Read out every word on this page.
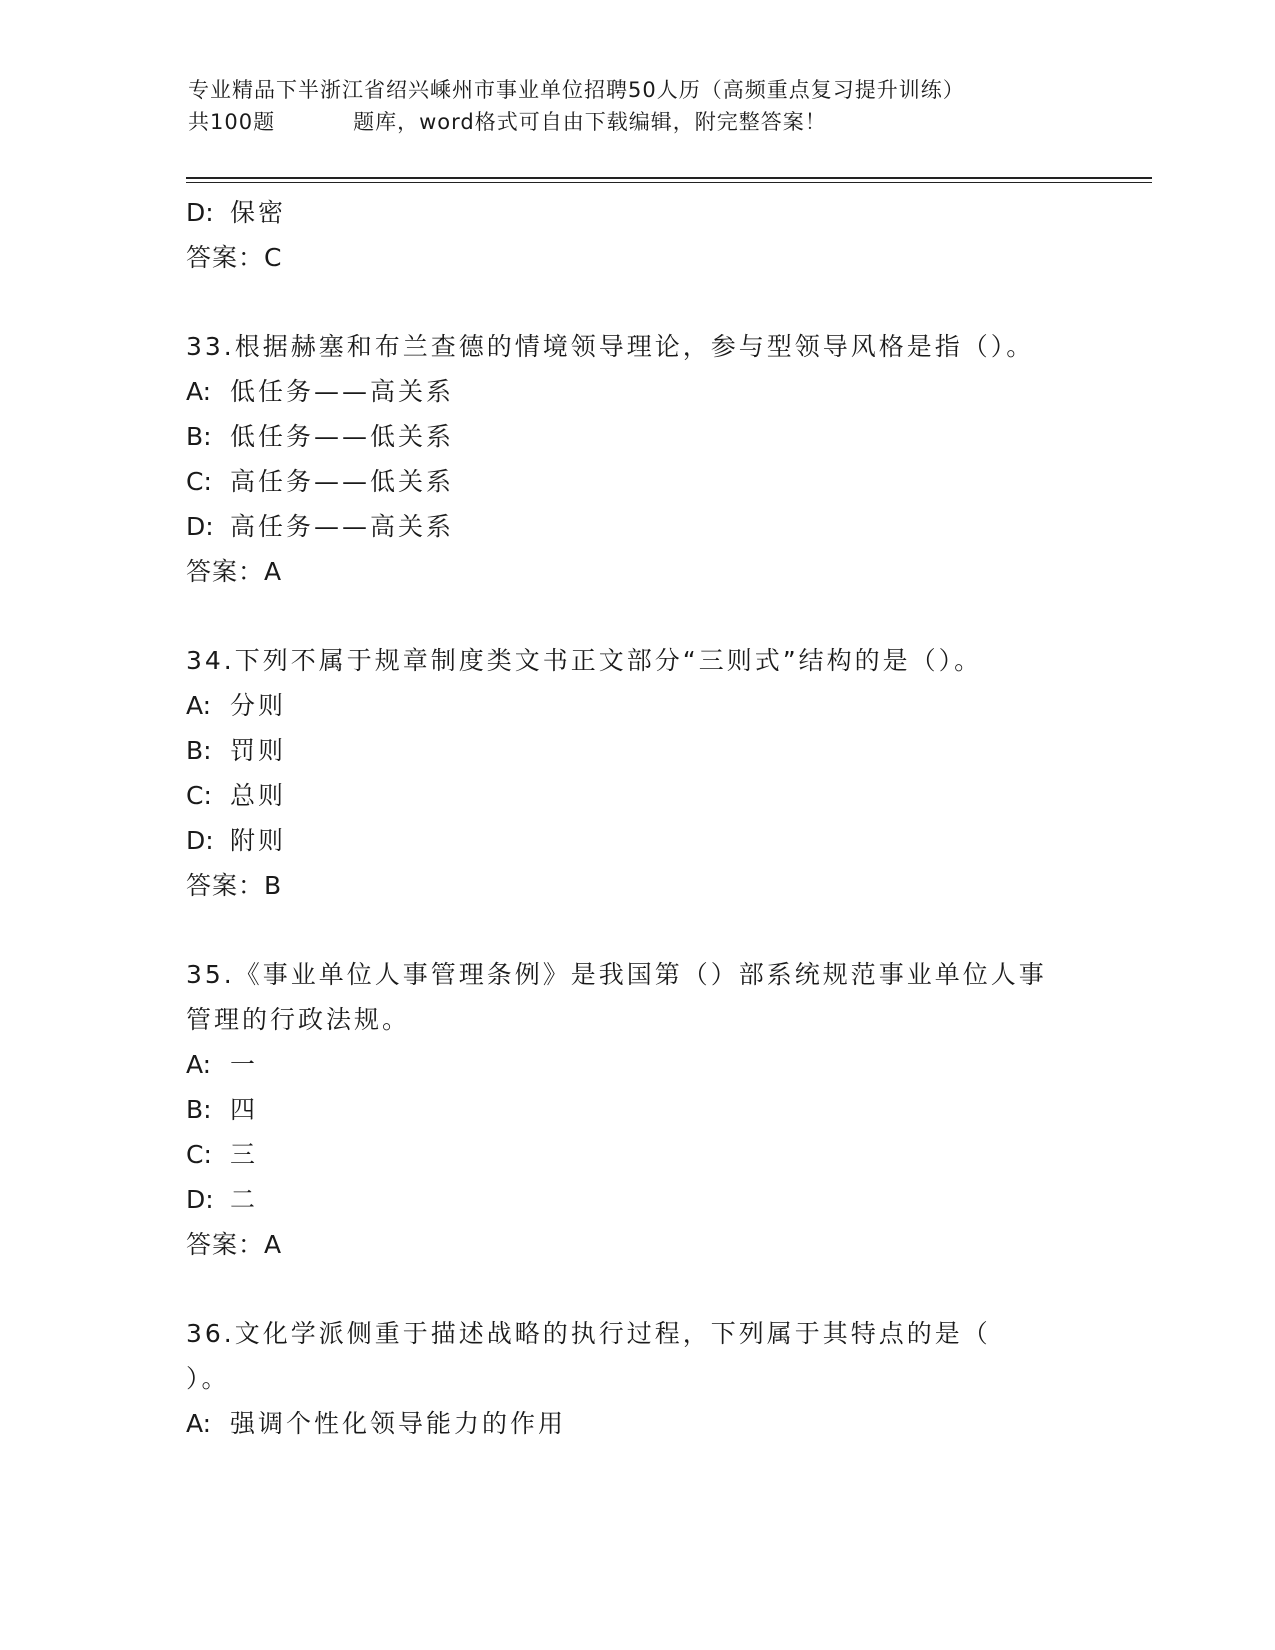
专业精品下半浙江省绍兴嵊州市事业单位招聘50人历（高频重点复习提升训练）
共100题	题库，word格式可自由下载编辑，附完整答案！
D: 保密
答案：C
33.根据赫塞和布兰查德的情境领导理论，参与型领导风格是指（）。
A: 低任务——高关系
B: 低任务——低关系
C: 高任务——低关系
D: 高任务——高关系
答案：A
34.下列不属于规章制度类文书正文部分“三则式”结构的是（）。
A: 分则
B: 罚则
C: 总则
D: 附则
答案：B
35.《事业单位人事管理条例》是我国第（）部系统规范事业单位人事
管理的行政法规。
A: 一
B: 四
C: 三
D: 二
答案：A
36.文化学派侧重于描述战略的执行过程，下列属于其特点的是（
）。
A: 强调个性化领导能力的作用
